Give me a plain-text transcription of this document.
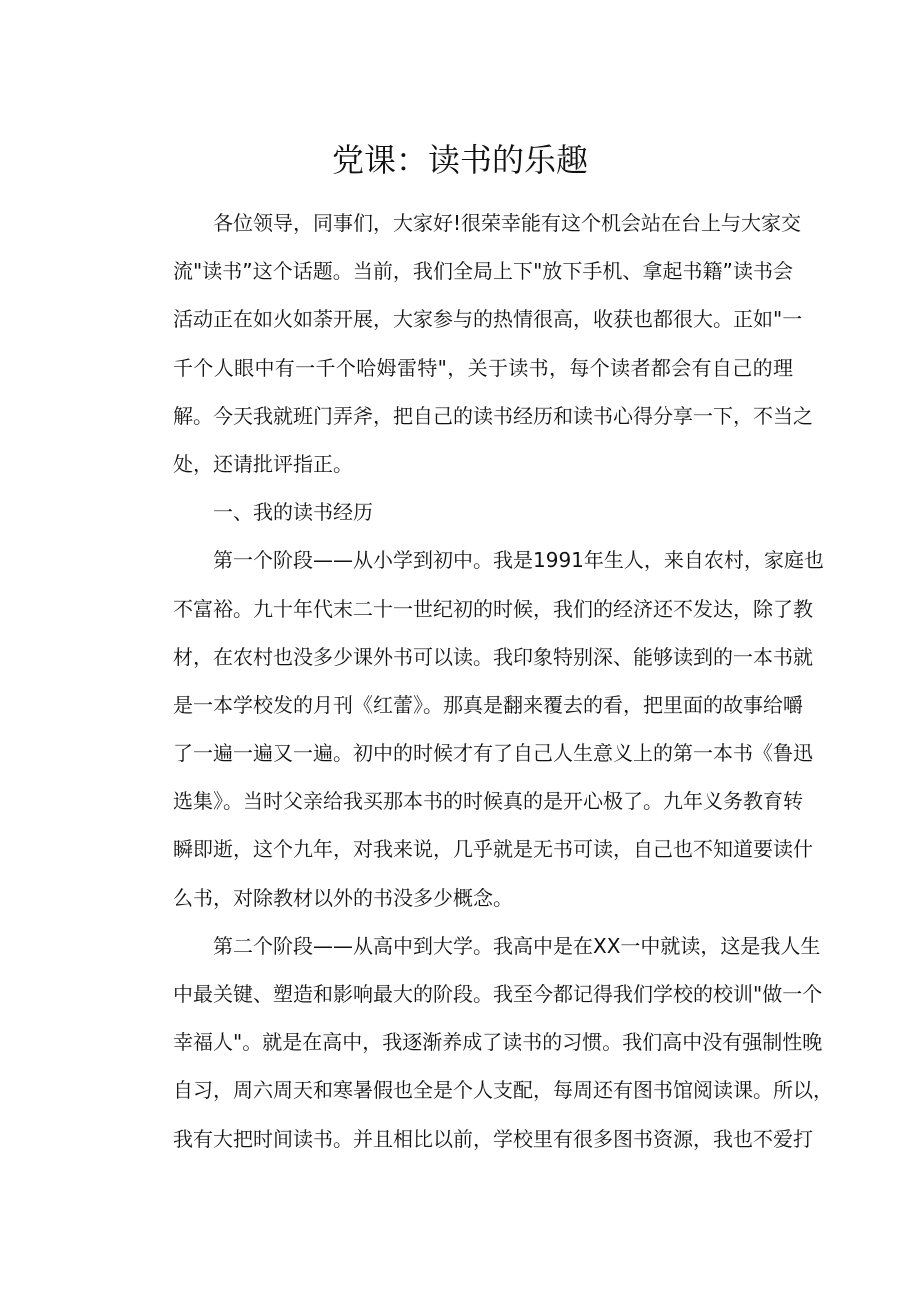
党课：读书的乐趣
各位领导，同事们，大家好!很荣幸能有这个机会站在台上与大家交
流"读书”这个话题。当前，我们全局上下"放下手机、拿起书籍”读书会
活动正在如火如荼开展，大家参与的热情很高，收获也都很大。正如"一
千个人眼中有一千个哈姆雷特"，关于读书，每个读者都会有自己的理
解。今天我就班门弄斧，把自己的读书经历和读书心得分享一下，不当之
处，还请批评指正。
一、我的读书经历
第一个阶段——从小学到初中。我是1991年生人，来自农村，家庭也
不富裕。九十年代末二十一世纪初的时候，我们的经济还不发达，除了教
材，在农村也没多少课外书可以读。我印象特别深、能够读到的一本书就
是一本学校发的月刊《红蕾》。那真是翻来覆去的看，把里面的故事给嚼
了一遍一遍又一遍。初中的时候才有了自己人生意义上的第一本书《鲁迅
选集》。当时父亲给我买那本书的时候真的是开心极了。九年义务教育转
瞬即逝，这个九年，对我来说，几乎就是无书可读，自己也不知道要读什
么书，对除教材以外的书没多少概念。
第二个阶段——从高中到大学。我高中是在XX一中就读，这是我人生
中最关键、塑造和影响最大的阶段。我至今都记得我们学校的校训"做一个
幸福人"。就是在高中，我逐渐养成了读书的习惯。我们高中没有强制性晚
自习，周六周天和寒暑假也全是个人支配，每周还有图书馆阅读课。所以，
我有大把时间读书。并且相比以前，学校里有很多图书资源，我也不爱打
